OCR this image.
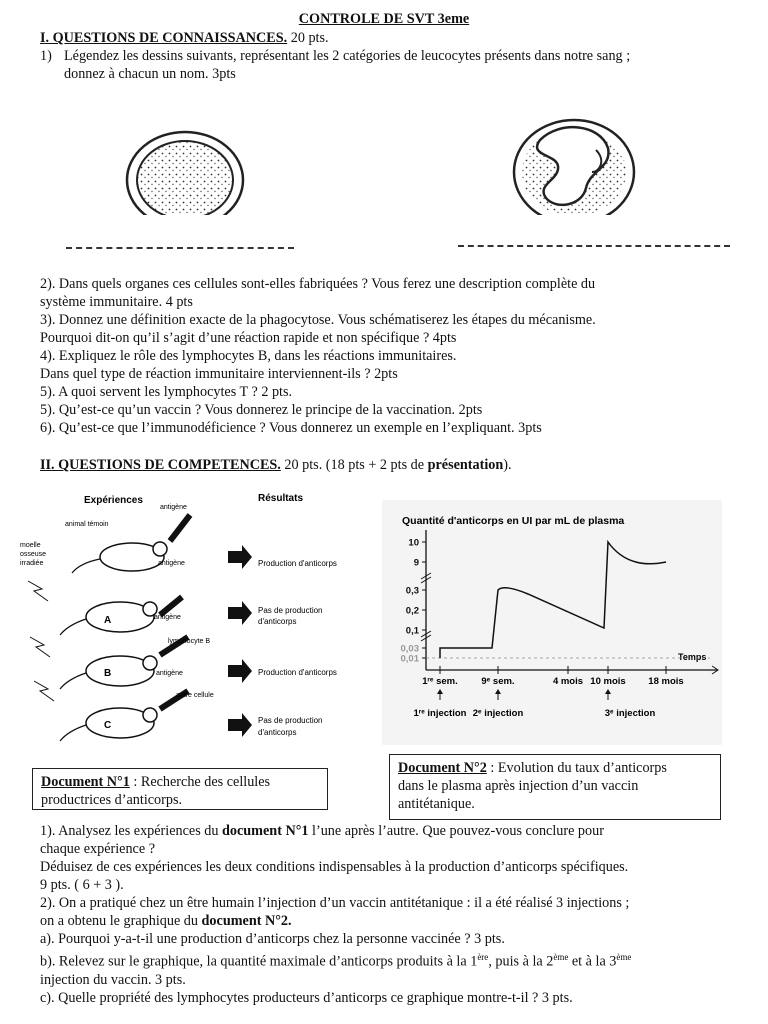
CONTROLE DE SVT 3eme
I. QUESTIONS DE CONNAISSANCES. 20 pts.
1) Légendez les dessins suivants, représentant les 2 catégories de leucocytes présents dans notre sang ;
donnez à chacun un nom. 3pts
2). Dans quels organes ces cellules sont-elles fabriquées ? Vous ferez une description complète du
système immunitaire. 4 pts
3). Donnez une définition exacte de la phagocytose. Vous schématiserez les étapes du mécanisme.
Pourquoi dit-on qu’il s’agit d’une réaction rapide et non spécifique ? 4pts
4). Expliquez le rôle des lymphocytes B, dans les réactions immunitaires.
Dans quel type de réaction immunitaire interviennent-ils ? 2pts
5). A quoi servent les lymphocytes T ? 2 pts.
5). Qu’est-ce qu’un vaccin ? Vous donnerez le principe de la vaccination. 2pts
6). Qu’est-ce que l’immunodéficience ? Vous donnerez un exemple en l’expliquant. 3pts
II. QUESTIONS DE COMPETENCES. 20 pts. (18 pts + 2 pts de présentation).
Expériences	Résultats
antigène
animal témoin
moelle
osseuse
irradiée	antigène
A	antigène
lymphocyte B
B	antigène
autre cellule
C
Production d'anticorps
Pas de production
d'anticorps
Production d'anticorps
Pas de production
d'anticorps
Quantité d'anticorps en UI par mL de plasma
Temps
10
9
0,3
0,2
0,1
0,03
0,01
1ʳᵉ sem. 9ᵉ sem.	4 mois 10 mois 18 mois
1ʳᵉ injection 2ᵉ injection	3ᵉ injection
Document N°1 : Recherche des cellules
productrices d’anticorps.
Document N°2 : Evolution du taux d’anticorps
dans le plasma après injection d’un vaccin
antitétanique.
1). Analysez les expériences du document N°1 l’une après l’autre. Que pouvez-vous conclure pour
chaque expérience ?
Déduisez de ces expériences les deux conditions indispensables à la production d’anticorps spécifiques.
9 pts. ( 6 + 3 ).
2). On a pratiqué chez un être humain l’injection d’un vaccin antitétanique : il a été réalisé 3 injections ;
on a obtenu le graphique du document N°2.
a). Pourquoi y-a-t-il une production d’anticorps chez la personne vaccinée ? 3 pts.
b). Relevez sur le graphique, la quantité maximale d’anticorps produits à la 1ère, puis à la 2ème et à la 3ème
injection du vaccin. 3 pts.
c). Quelle propriété des lymphocytes producteurs d’anticorps ce graphique montre-t-il ? 3 pts.
